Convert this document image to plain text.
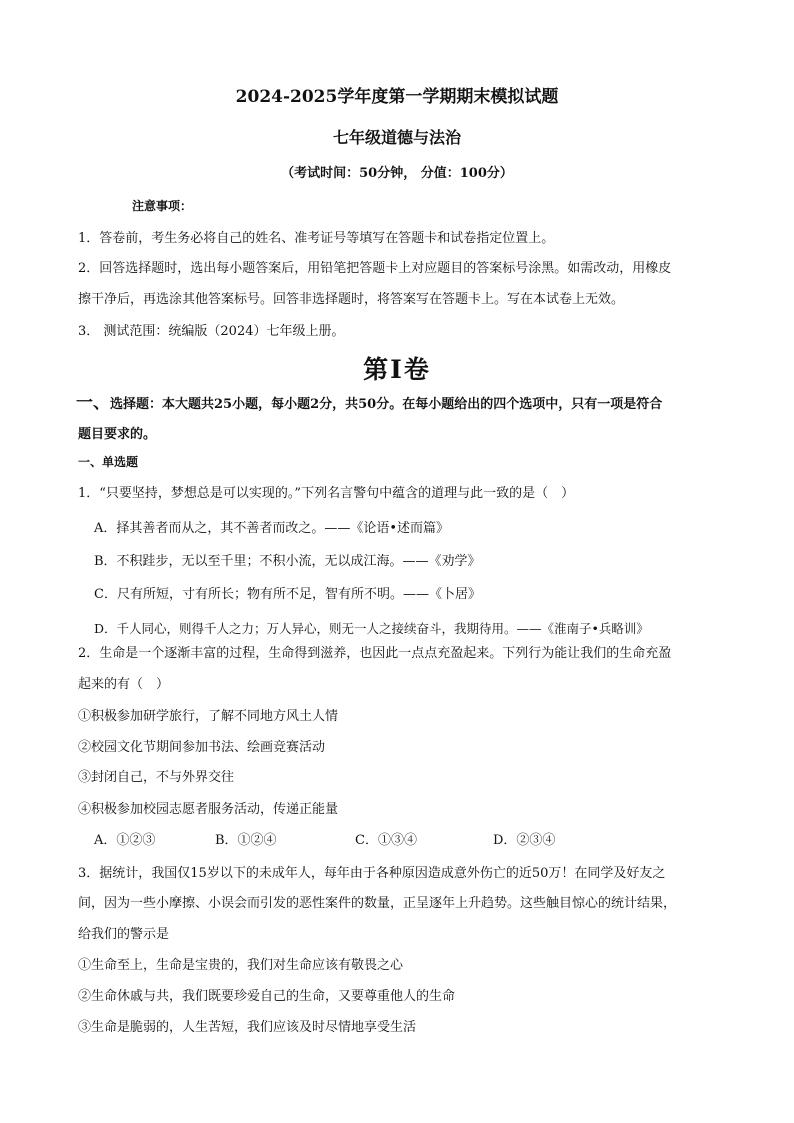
2024-2025学年度第一学期期末模拟试题
七年级道德与法治
（考试时间：50分钟， 分值：100分）
注意事项：
1．答卷前，考生务必将自己的姓名、准考证号等填写在答题卡和试卷指定位置上。
2．回答选择题时，选出每小题答案后，用铅笔把答题卡上对应题目的答案标号涂黑。如需改动，用橡皮
擦干净后，再选涂其他答案标号。回答非选择题时，将答案写在答题卡上。写在本试卷上无效。
3． 测试范围：统编版（2024）七年级上册。
第I卷
一、选择题：本大题共25小题，每小题2分，共50分。在每小题给出的四个选项中，只有一项是符合
题目要求的。
一、单选题
1．“只要坚持，梦想总是可以实现的。”下列名言警句中蕴含的道理与此一致的是（　）
A．择其善者而从之，其不善者而改之。——《论语•述而篇》
B．不积跬步，无以至千里；不积小流，无以成江海。——《劝学》
C．尺有所短，寸有所长；物有所不足，智有所不明。——《卜居》
D．千人同心，则得千人之力；万人异心，则无一人之接续奋斗，我期待用。——《淮南子•兵略训》
2．生命是一个逐渐丰富的过程，生命得到滋养，也因此一点点充盈起来。下列行为能让我们的生命充盈
起来的有（　）
①积极参加研学旅行，了解不同地方风土人情
②校园文化节期间参加书法、绘画竞赛活动
③封闭自己，不与外界交往
④积极参加校园志愿者服务活动，传递正能量
A．①②③	B．①②④	C．①③④	D．②③④
3．据统计，我国仅15岁以下的未成年人，每年由于各种原因造成意外伤亡的近50万！在同学及好友之
间，因为一些小摩擦、小误会而引发的恶性案件的数量，正呈逐年上升趋势。这些触目惊心的统计结果，
给我们的警示是
①生命至上，生命是宝贵的，我们对生命应该有敬畏之心
②生命休戚与共，我们既要珍爱自己的生命，又要尊重他人的生命
③生命是脆弱的，人生苦短，我们应该及时尽情地享受生活
